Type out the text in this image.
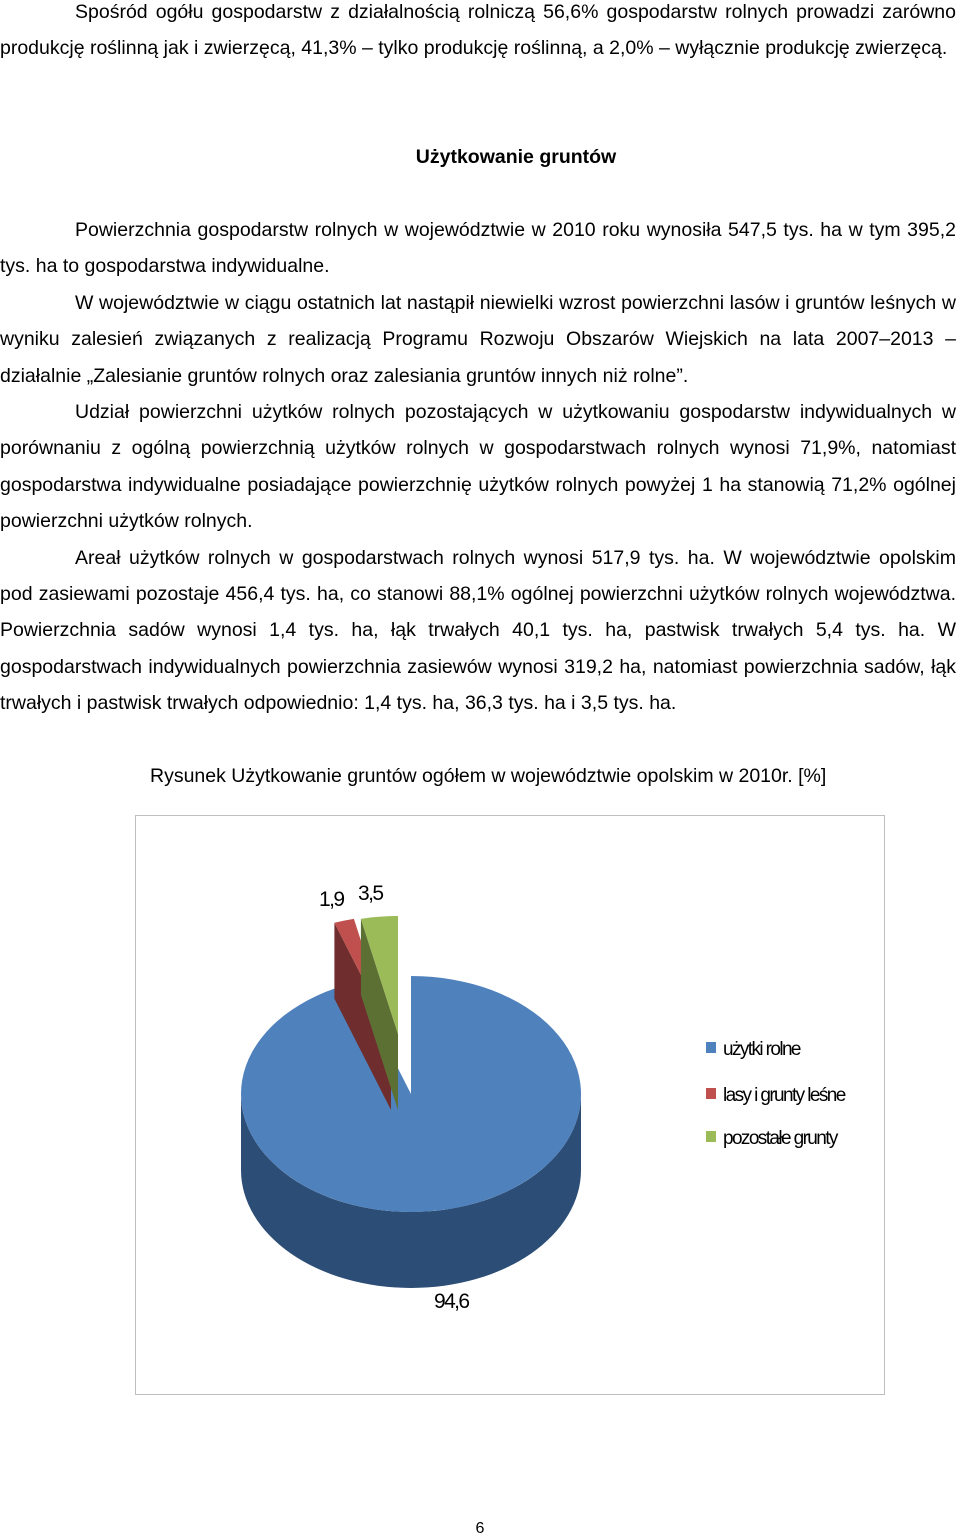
Spośród ogółu gospodarstw z działalnością rolniczą 56,6% gospodarstw rolnych prowadzi zarówno produkcję roślinną jak i zwierzęcą, 41,3% – tylko produkcję roślinną, a 2,0% – wyłącznie produkcję zwierzęcą.
Użytkowanie gruntów

Powierzchnia gospodarstw rolnych w województwie w 2010 roku wynosiła 547,5 tys. ha w tym 395,2 tys. ha to gospodarstwa indywidualne.

W województwie w ciągu ostatnich lat nastąpił niewielki wzrost powierzchni lasów i gruntów leśnych w wyniku zalesień związanych z realizacją Programu Rozwoju Obszarów Wiejskich na lata 2007–2013 – działalnie „Zalesianie gruntów rolnych oraz zalesiania gruntów innych niż rolne”.

Udział powierzchni użytków rolnych pozostających w użytkowaniu gospodarstw indywidualnych w porównaniu z ogólną powierzchnią użytków rolnych w gospodarstwach rolnych wynosi 71,9%, natomiast gospodarstwa indywidualne posiadające powierzchnię użytków rolnych powyżej 1 ha stanowią 71,2% ogólnej powierzchni użytków rolnych.

Areał użytków rolnych w gospodarstwach rolnych wynosi 517,9 tys. ha. W województwie opolskim pod zasiewami pozostaje 456,4 tys. ha, co stanowi 88,1% ogólnej powierzchni użytków rolnych województwa. Powierzchnia sadów wynosi 1,4 tys. ha, łąk trwałych 40,1 tys. ha, pastwisk trwałych 5,4 tys. ha. W gospodarstwach indywidualnych powierzchnia zasiewów wynosi 319,2 ha, natomiast powierzchnia sadów, łąk trwałych i pastwisk trwałych odpowiednio: 1,4 tys. ha, 36,3 tys. ha i 3,5 tys. ha.

Rysunek Użytkowanie gruntów ogółem w województwie opolskim w 2010r. [%]
94,6
1,9 3,5
użytki rolne
lasy i grunty leśne
pozostałe grunty
6
